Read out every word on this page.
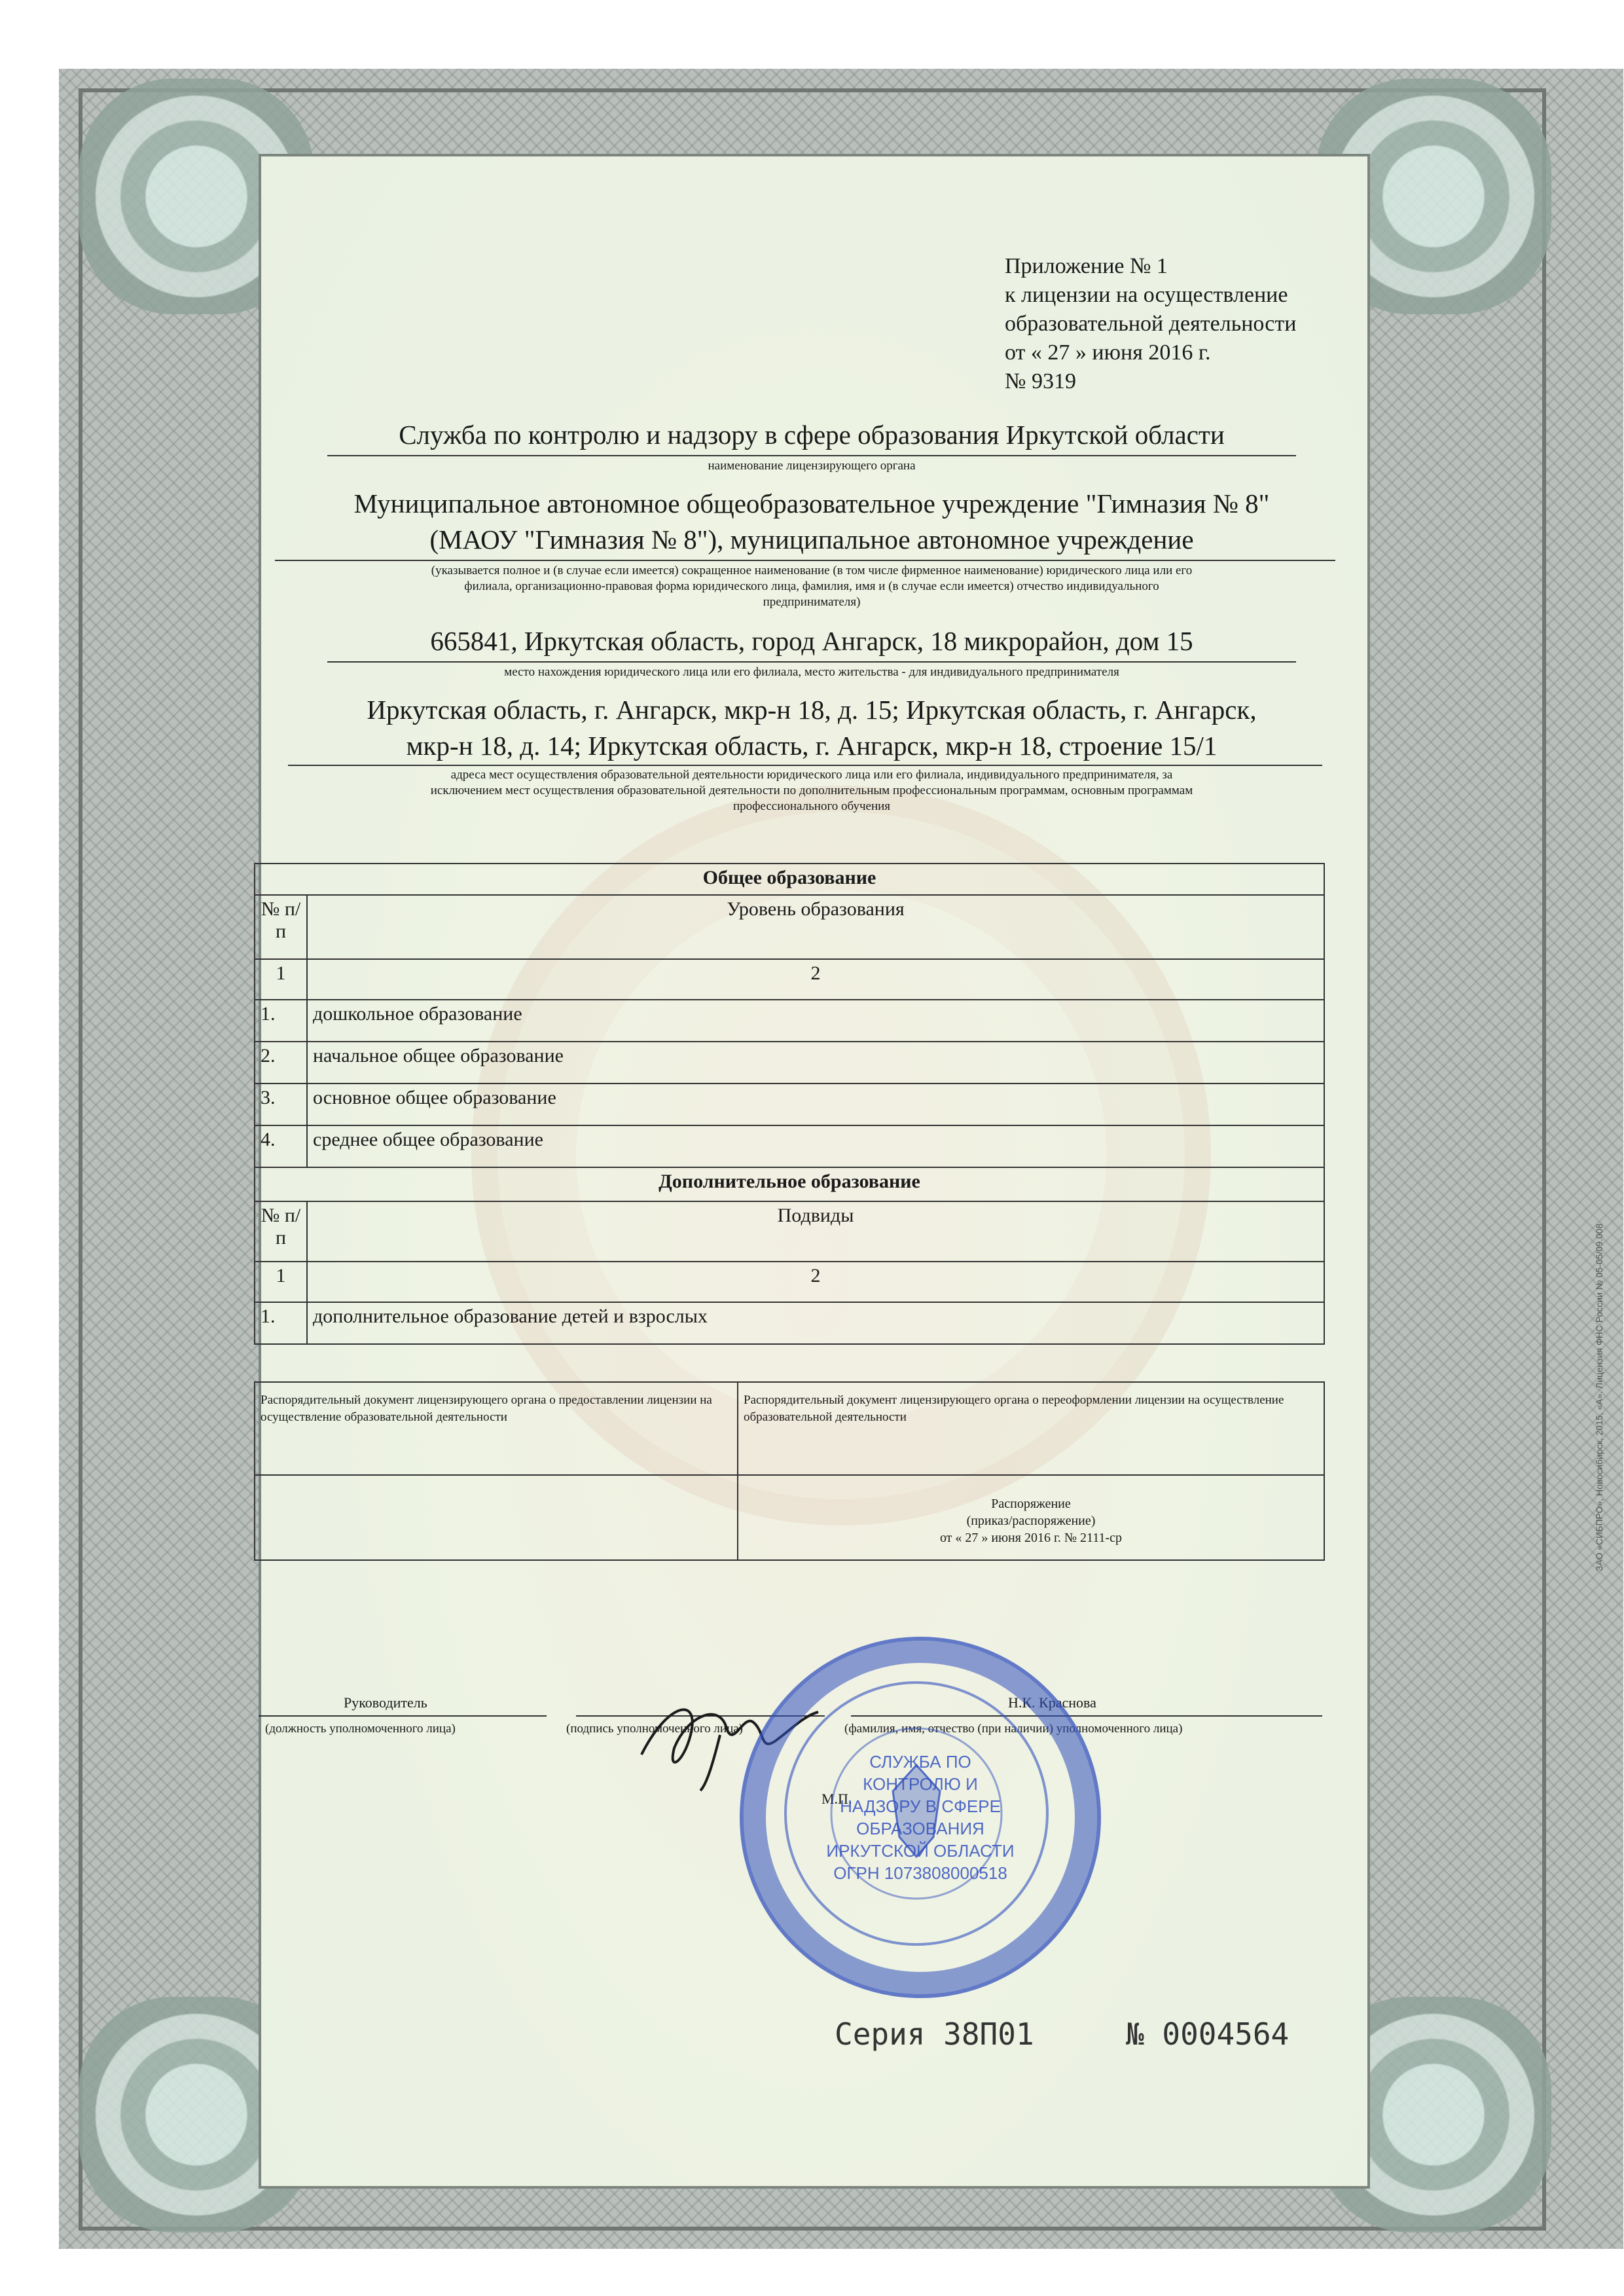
Приложение № 1
к лицензии на осуществление
образовательной деятельности
от « 27 » июня 2016 г.
№ 9319
Служба по контролю и надзору в сфере образования Иркутской области
наименование лицензирующего органа
Муниципальное автономное общеобразовательное учреждение "Гимназия № 8"
(МАОУ "Гимназия № 8"), муниципальное автономное учреждение
(указывается полное и (в случае если имеется) сокращенное наименование (в том числе фирменное наименование) юридического лица или его
филиала, организационно-правовая форма юридического лица, фамилия, имя и (в случае если имеется) отчество индивидуального
предпринимателя)
665841, Иркутская область, город Ангарск, 18 микрорайон, дом 15
место нахождения юридического лица или его филиала, место жительства - для индивидуального предпринимателя
Иркутская область, г. Ангарск, мкр-н 18, д. 15; Иркутская область, г. Ангарск,
мкр-н 18, д. 14; Иркутская область, г. Ангарск, мкр-н 18, строение 15/1
адреса мест осуществления образовательной деятельности юридического лица или его филиала, индивидуального предпринимателя, за
исключением мест осуществления образовательной деятельности по дополнительным профессиональным программам, основным программам
профессионального обучения
Общее образование	
№ п/п	Уровень образования
1	2
1.	дошкольное образование
2.	начальное общее образование
3.	основное общее образование
4.	среднее общее образование
Дополнительное образование	
№ п/п	Подвиды
1	2
1.	дополнительное образование детей и взрослых
Распорядительный документ лицензирующего органа о предоставлении лицензии на осуществление образовательной деятельности	Распорядительный документ лицензирующего органа о переоформлении лицензии на осуществление образовательной деятельности

	Распоряжение
(приказ/распоряжение)
от « 27 » июня 2016 г. № 2111-ср
Руководитель
(должность уполномоченного лица)	(подпись уполномоченного лица)
Н.К. Краснова
(фамилия, имя, отчество (при наличии) уполномоченного лица)
М.П.
СЛУЖБА ПО КОНТРОЛЮ И НАДЗОРУ В СФЕРЕ ОБРАЗОВАНИЯ ИРКУТСКОЙ ОБЛАСТИ ОГРН 1073808000518
Серия 38П01	№ 0004564
ЗАО «СИБПРО», Новосибирск, 2015, «А». Лицензия ФНС России № 05-05/09.008
